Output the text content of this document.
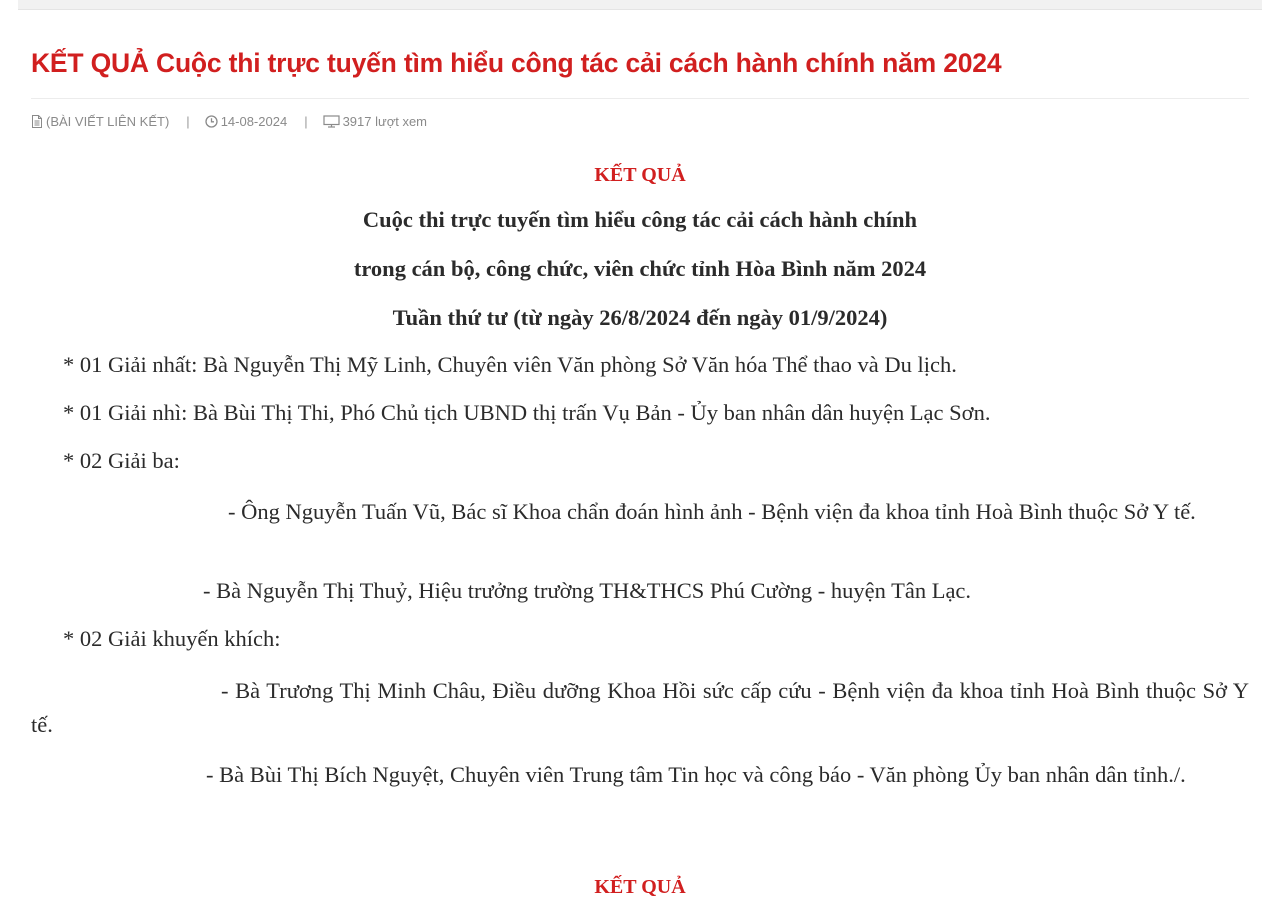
KẾT QUẢ Cuộc thi trực tuyến tìm hiểu công tác cải cách hành chính năm 2024
(BÀI VIẾT LIÊN KẾT) | 14-08-2024 |	3917 lượt xem

KẾT QUẢ

Cuộc thi trực tuyến tìm hiểu công tác cải cách hành chính

trong cán bộ, công chức, viên chức tỉnh Hòa Bình năm 2024

Tuần thứ tư (từ ngày 26/8/2024 đến ngày 01/9/2024)

* 01 Giải nhất: Bà Nguyễn Thị Mỹ Linh, Chuyên viên Văn phòng Sở Văn hóa Thể thao và Du lịch.

* 01 Giải nhì: Bà Bùi Thị Thi, Phó Chủ tịch UBND thị trấn Vụ Bản - Ủy ban nhân dân huyện Lạc Sơn.

* 02 Giải ba:

- Ông Nguyễn Tuấn Vũ, Bác sĩ Khoa chẩn đoán hình ảnh - Bệnh viện đa khoa tỉnh Hoà Bình thuộc Sở Y tế.

- Bà Nguyễn Thị Thuỷ, Hiệu trưởng trường TH&THCS Phú Cường - huyện Tân Lạc.

* 02 Giải khuyến khích:

- Bà Trương Thị Minh Châu, Điều dưỡng Khoa Hồi sức cấp cứu - Bệnh viện đa khoa tỉnh Hoà Bình thuộc Sở Y tế.

- Bà Bùi Thị Bích Nguyệt, Chuyên viên Trung tâm Tin học và công báo - Văn phòng Ủy ban nhân dân tỉnh./.

KẾT QUẢ
